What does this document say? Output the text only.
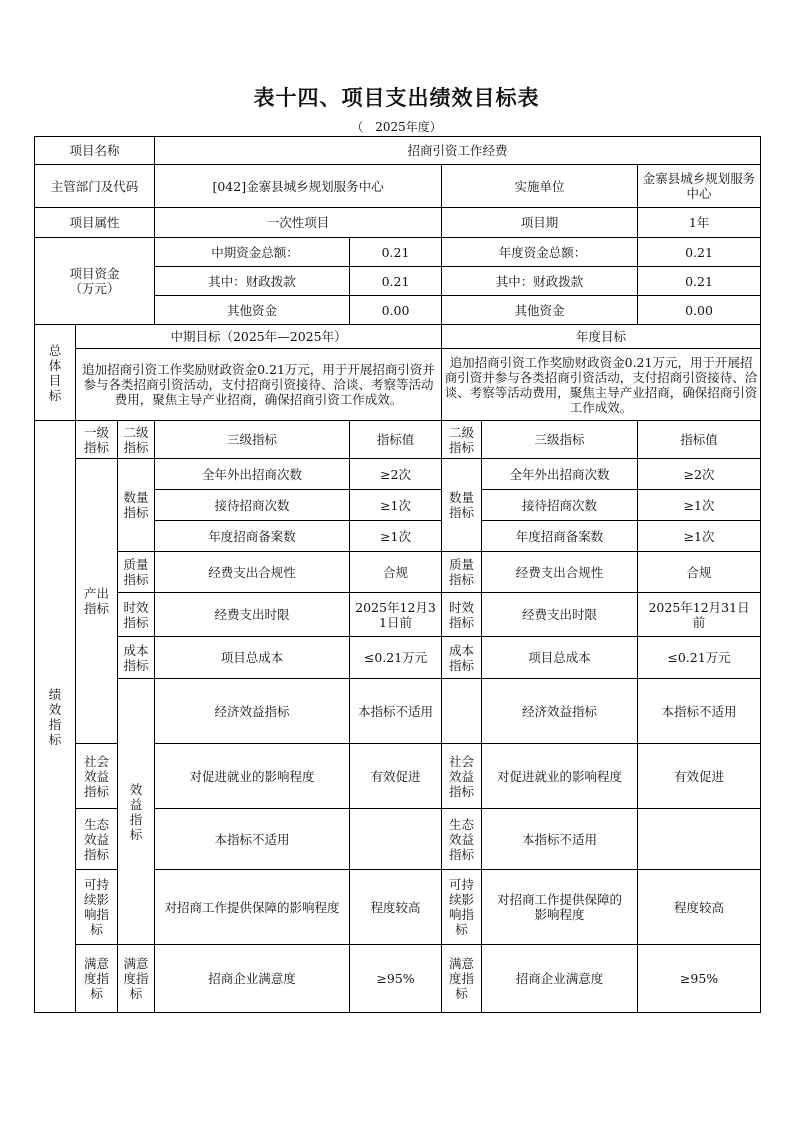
表十四、项目支出绩效目标表
（　2025年度）
项目名称			招商引资工作经费					
主管部门及代码			[042]金寨县城乡规划服务中心		实施单位		金寨县城乡规划服务中心	
项目属性			一次性项目		项目期		1年	
项目资金（万元）			中期资金总额：	0.21	年度资金总额：		0.21	
			其中：财政拨款	0.21	其中：财政拨款		0.21	
			其他资金	0.00	其他资金		0.00	
总体目标	中期目标（2025年—2025年）				年度目标			
	追加招商引资工作奖励财政资金0.21万元，用于开展招商引资并参与各类招商引资活动，支付招商引资接待、洽谈、考察等活动费用，聚焦主导产业招商，确保招商引资工作成效。				追加招商引资工作奖励财政资金0.21万元，用于开展招商引资并参与各类招商引资活动，支付招商引资接待、洽谈、考察等活动费用，聚焦主导产业招商，确保招商引资工作成效。			
绩效指标	一级指标	二级指标	三级指标	指标值	二级指标	三级指标	指标值	
	产出指标	数量指标	全年外出招商次数	≥2次	数量指标	全年外出招商次数	≥2次	
			接待招商次数	≥1次		接待招商次数	≥1次	
			年度招商备案数	≥1次		年度招商备案数	≥1次	
		质量指标	经费支出合规性	合规	质量指标	经费支出合规性	合规	
		时效指标	经费支出时限	2025年12月31日前	时效指标	经费支出时限	2025年12月31日前	
		成本指标	项目总成本	≤0.21万元	成本指标	项目总成本	≤0.21万元	
		效益指标	经济效益指标	本指标不适用		经济效益指标	本指标不适用	
	社会效益指标		对促进就业的影响程度	有效促进	社会效益指标	对促进就业的影响程度	有效促进	
	生态效益指标		本指标不适用		生态效益指标	本指标不适用		
	可持续影响指标		对招商工作提供保障的影响程度	程度较高	可持续影响指标	对招商工作提供保障的影响程度	程度较高	
	满意度指标	满意度指标	招商企业满意度	≥95%	满意度指标	招商企业满意度	≥95%	
